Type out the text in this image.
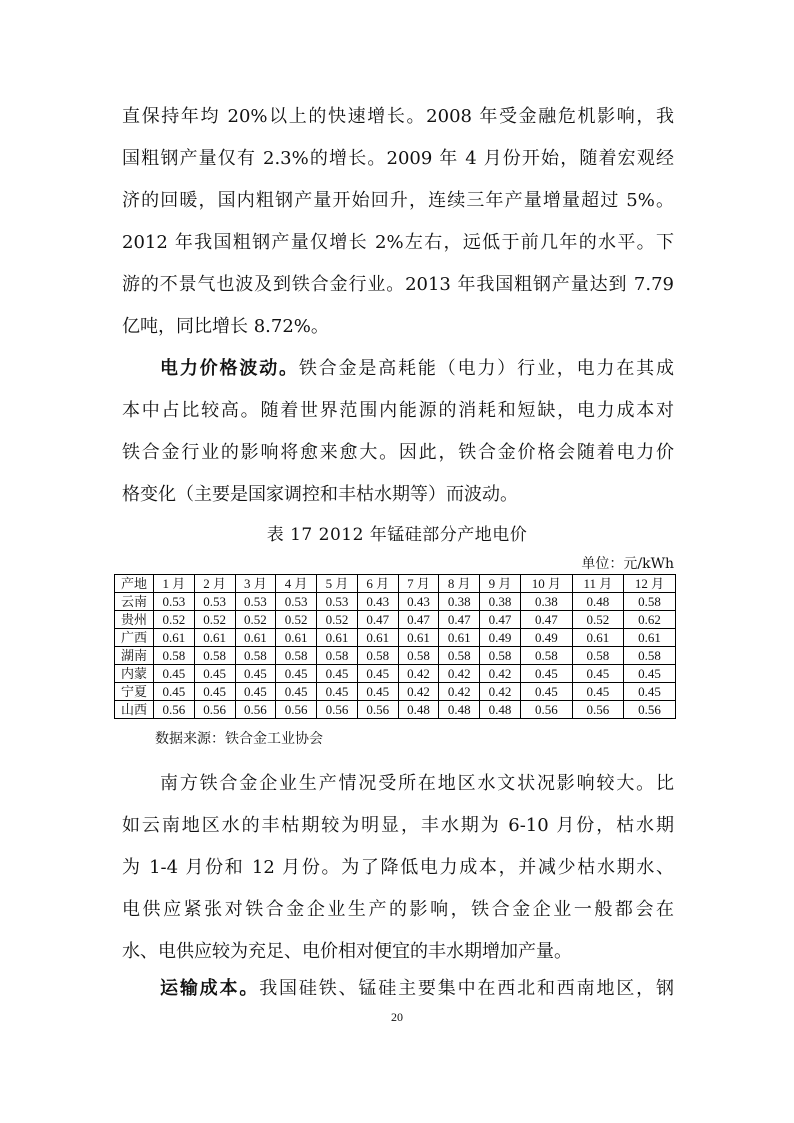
直保持年均 20%以上的快速增长。2008 年受金融危机影响，我
国粗钢产量仅有 2.3%的增长。2009 年 4 月份开始，随着宏观经
济的回暖，国内粗钢产量开始回升，连续三年产量增量超过 5%。
2012 年我国粗钢产量仅增长 2%左右，远低于前几年的水平。下
游的不景气也波及到铁合金行业。2013 年我国粗钢产量达到 7.79
亿吨，同比增长 8.72%。
电力价格波动。铁合金是高耗能（电力）行业，电力在其成
本中占比较高。随着世界范围内能源的消耗和短缺，电力成本对
铁合金行业的影响将愈来愈大。因此，铁合金价格会随着电力价
格变化（主要是国家调控和丰枯水期等）而波动。
表 17 2012 年锰硅部分产地电价
单位：元/kWh
产地	1 月	2 月	3 月	4 月	5 月	6 月	7 月	8 月	9 月	10 月	11 月	12 月
云南	0.53	0.53	0.53	0.53	0.53	0.43	0.43	0.38	0.38	0.38	0.48	0.58
贵州	0.52	0.52	0.52	0.52	0.52	0.47	0.47	0.47	0.47	0.47	0.52	0.62
广西	0.61	0.61	0.61	0.61	0.61	0.61	0.61	0.61	0.49	0.49	0.61	0.61
湖南	0.58	0.58	0.58	0.58	0.58	0.58	0.58	0.58	0.58	0.58	0.58	0.58
内蒙	0.45	0.45	0.45	0.45	0.45	0.45	0.42	0.42	0.42	0.45	0.45	0.45
宁夏	0.45	0.45	0.45	0.45	0.45	0.45	0.42	0.42	0.42	0.45	0.45	0.45
山西	0.56	0.56	0.56	0.56	0.56	0.56	0.48	0.48	0.48	0.56	0.56	0.56
数据来源：铁合金工业协会
南方铁合金企业生产情况受所在地区水文状况影响较大。比
如云南地区水的丰枯期较为明显，丰水期为 6-10 月份，枯水期
为 1-4 月份和 12 月份。为了降低电力成本，并减少枯水期水、
电供应紧张对铁合金企业生产的影响，铁合金企业一般都会在
水、电供应较为充足、电价相对便宜的丰水期增加产量。
运输成本。我国硅铁、锰硅主要集中在西北和西南地区，钢
20
